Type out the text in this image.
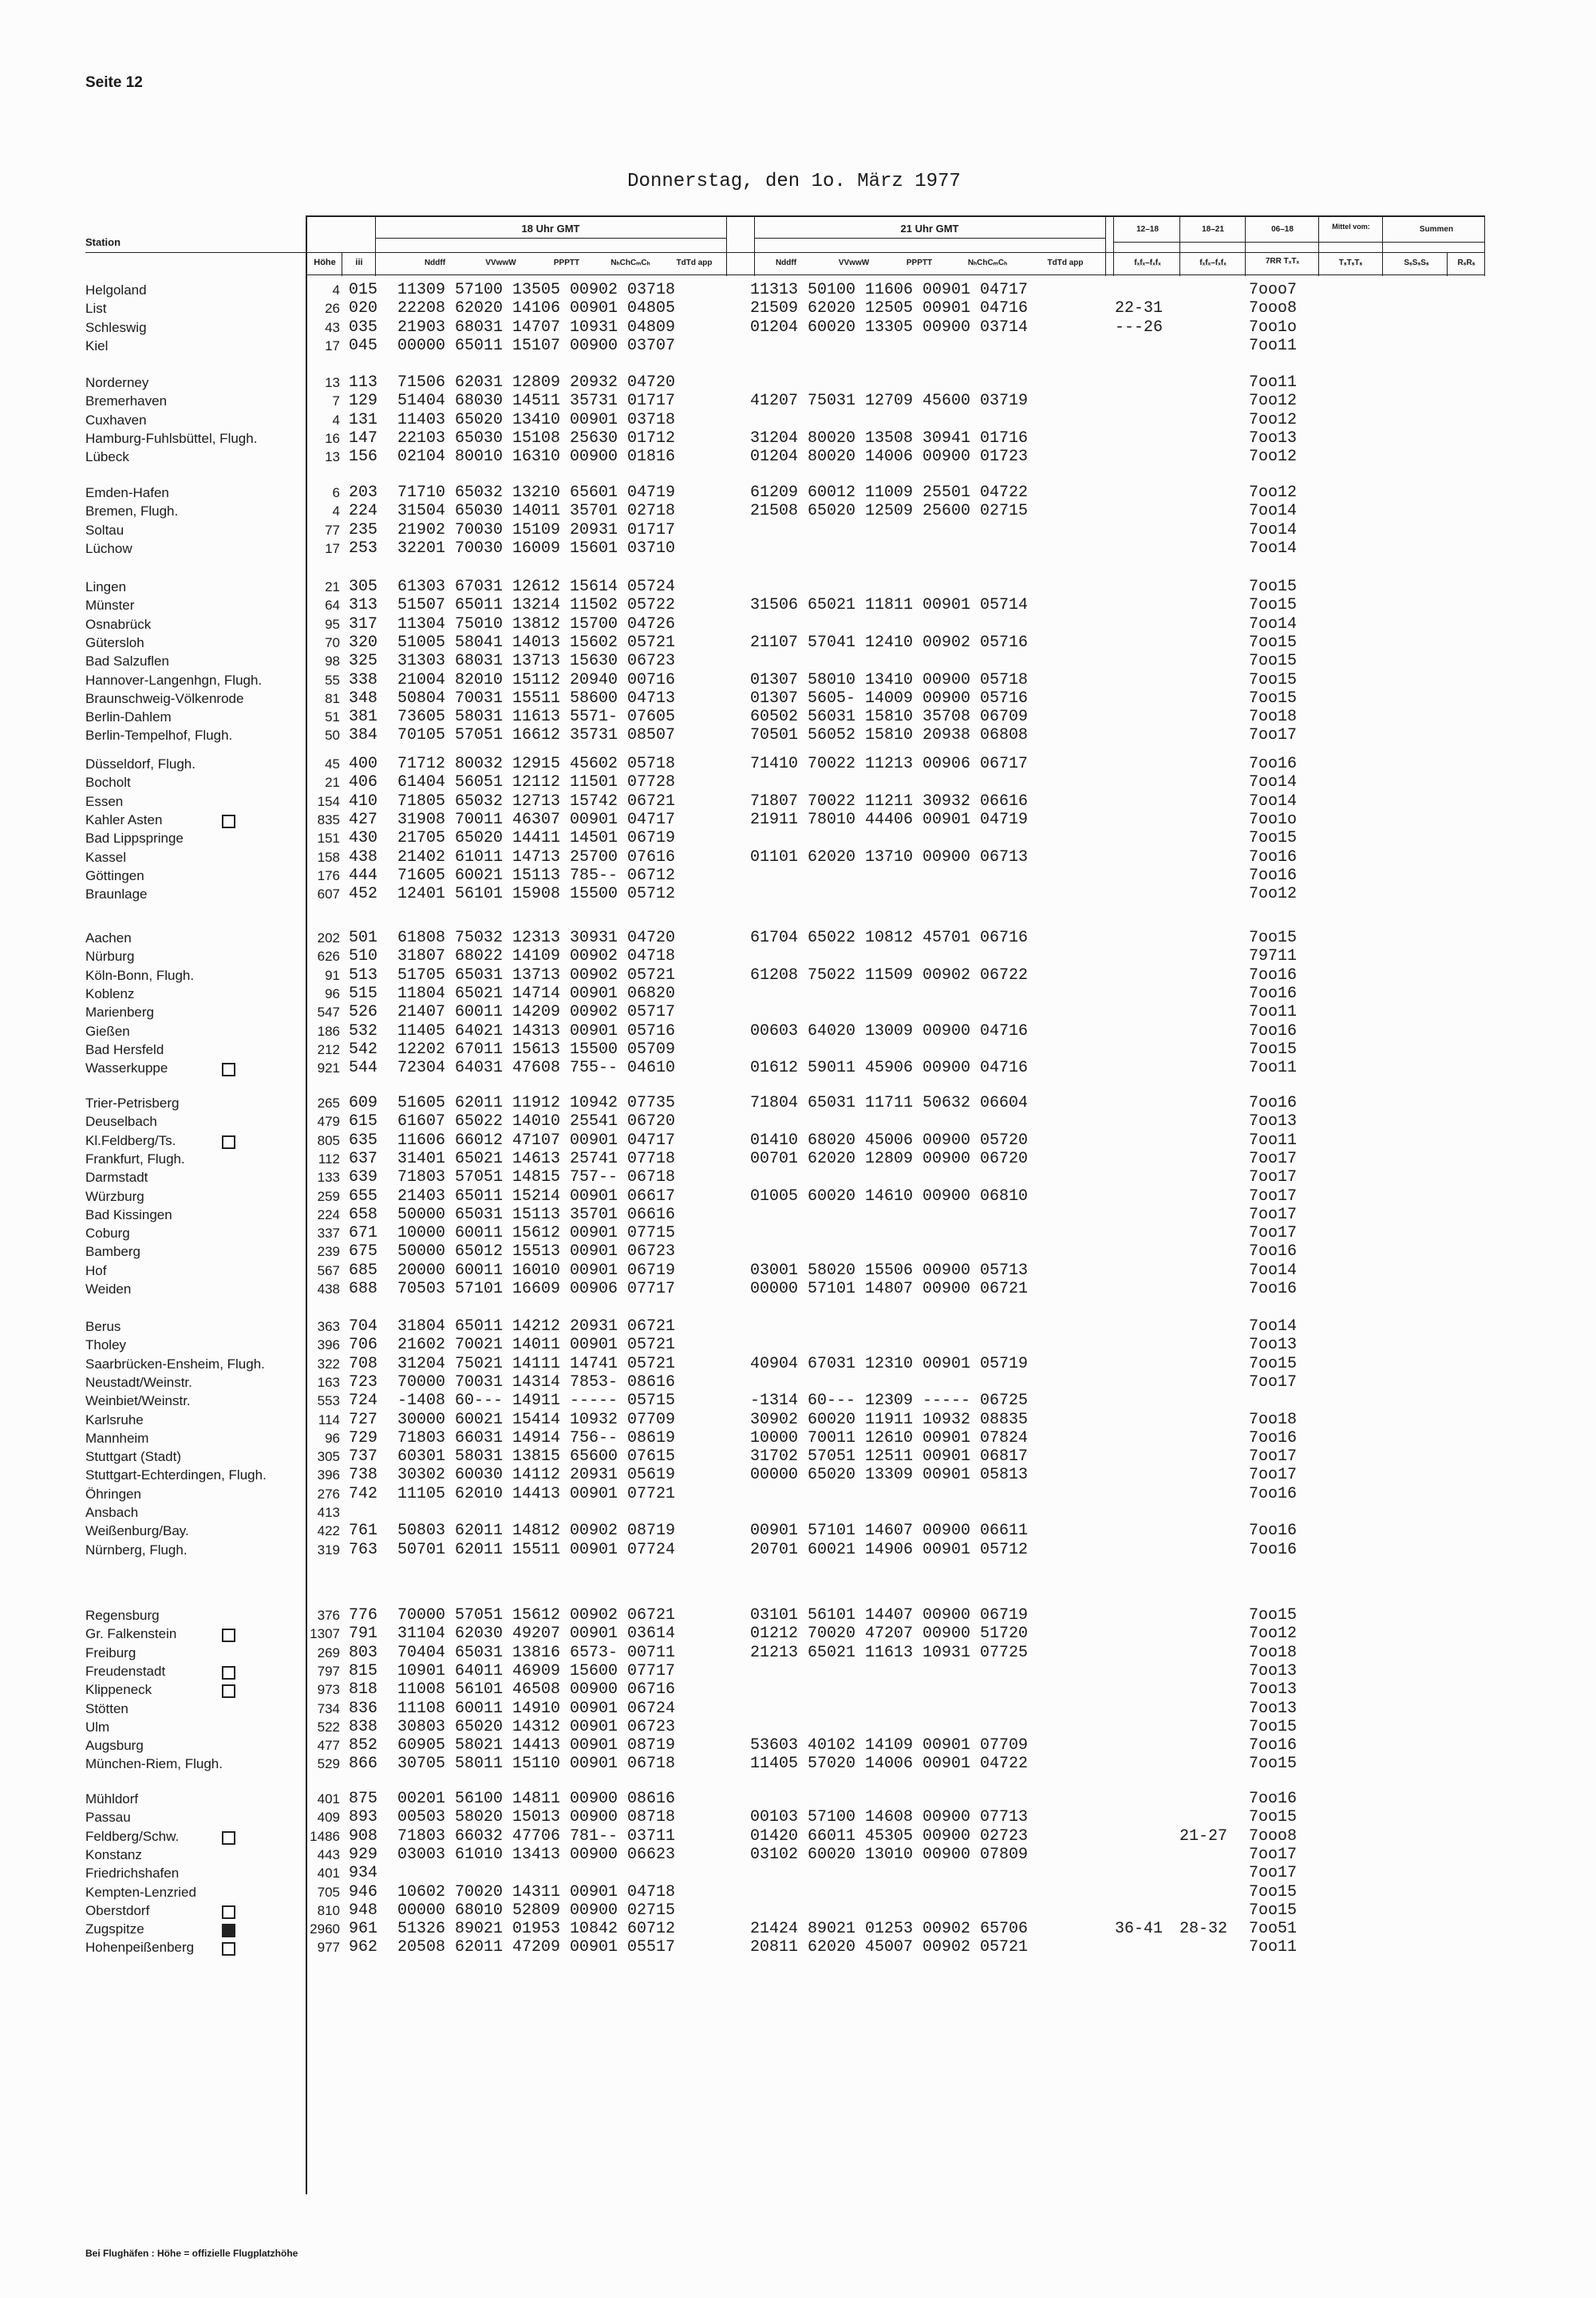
Seite 12
Donnerstag, den 1o. März 1977
Station
Höhe	iii
18 Uhr GMT	21 Uhr GMT
Nddff	VVwwW	PPPTT	NₕChCₘCₕ	TdTd app	Nddff	VVwwW	PPPTT	NₕChCₘCₕ	TdTd app
12–18	18–21	06–18	Mittel vom:	Summen
fₓfₓ–fₓfₓ	fₓfₓ–fₓfₓ	7RR TₓTₓ	TₛTₛTₛ	SₛSₛSₛ	RₛRₛ
Helgoland	4 015 11309 57100 13505 00902 03718	11313 50100 11606 00901 04717	7ooo7
List	26 020 22208 62020 14106 00901 04805	21509 62020 12505 00901 04716	22-31	7ooo8
Schleswig	43 035 21903 68031 14707 10931 04809	01204 60020 13305 00900 03714	---26	7oo1o
Kiel	17 045 00000 65011 15107 00900 03707	7oo11
Norderney	13 113 71506 62031 12809 20932 04720	7oo11
Bremerhaven	7 129 51404 68030 14511 35731 01717	41207 75031 12709 45600 03719	7oo12
Cuxhaven	4 131 11403 65020 13410 00901 03718	7oo12
Hamburg-Fuhlsbüttel, Flugh.	16 147 22103 65030 15108 25630 01712	31204 80020 13508 30941 01716	7oo13
Lübeck	13 156 02104 80010 16310 00900 01816	01204 80020 14006 00900 01723	7oo12
Emden-Hafen	6 203 71710 65032 13210 65601 04719	61209 60012 11009 25501 04722	7oo12
Bremen, Flugh.	4 224 31504 65030 14011 35701 02718	21508 65020 12509 25600 02715	7oo14
Soltau	77 235 21902 70030 15109 20931 01717	7oo14
Lüchow	17 253 32201 70030 16009 15601 03710	7oo14
Lingen	21 305 61303 67031 12612 15614 05724	7oo15
Münster	64 313 51507 65011 13214 11502 05722	31506 65021 11811 00901 05714	7oo15
Osnabrück	95 317 11304 75010 13812 15700 04726	7oo14
Gütersloh	70 320 51005 58041 14013 15602 05721	21107 57041 12410 00902 05716	7oo15
Bad Salzuflen	98 325 31303 68031 13713 15630 06723	7oo15
Hannover-Langenhgn, Flugh.	55 338 21004 82010 15112 20940 00716	01307 58010 13410 00900 05718	7oo15
Braunschweig-Völkenrode	81 348 50804 70031 15511 58600 04713	01307 5605- 14009 00900 05716	7oo15
Berlin-Dahlem	51 381 73605 58031 11613 5571- 07605	60502 56031 15810 35708 06709	7oo18
Berlin-Tempelhof, Flugh.	50 384 70105 57051 16612 35731 08507	70501 56052 15810 20938 06808	7oo17
Düsseldorf, Flugh.	45 400 71712 80032 12915 45602 05718	71410 70022 11213 00906 06717	7oo16
Bocholt	21 406 61404 56051 12112 11501 07728	7oo14
Essen	154 410 71805 65032 12713 15742 06721	71807 70022 11211 30932 06616	7oo14
Kahler Asten	835 427 31908 70011 46307 00901 04717	21911 78010 44406 00901 04719	7oo1o
Bad Lippspringe	151 430 21705 65020 14411 14501 06719	7oo15
Kassel	158 438 21402 61011 14713 25700 07616	01101 62020 13710 00900 06713	7oo16
Göttingen	176 444 71605 60021 15113 785-- 06712	7oo16
Braunlage	607 452 12401 56101 15908 15500 05712	7oo12
Aachen	202 501 61808 75032 12313 30931 04720	61704 65022 10812 45701 06716	7oo15
Nürburg	626 510 31807 68022 14109 00902 04718	79711
Köln-Bonn, Flugh.	91 513 51705 65031 13713 00902 05721	61208 75022 11509 00902 06722	7oo16
Koblenz	96 515 11804 65021 14714 00901 06820	7oo16
Marienberg	547 526 21407 60011 14209 00902 05717	7oo11
Gießen	186 532 11405 64021 14313 00901 05716	00603 64020 13009 00900 04716	7oo16
Bad Hersfeld	212 542 12202 67011 15613 15500 05709	7oo15
Wasserkuppe	921 544 72304 64031 47608 755-- 04610	01612 59011 45906 00900 04716	7oo11
Trier-Petrisberg	265 609 51605 62011 11912 10942 07735	71804 65031 11711 50632 06604	7oo16
Deuselbach	479 615 61607 65022 14010 25541 06720	7oo13
Kl.Feldberg/Ts.	805 635 11606 66012 47107 00901 04717	01410 68020 45006 00900 05720	7oo11
Frankfurt, Flugh.	112 637 31401 65021 14613 25741 07718	00701 62020 12809 00900 06720	7oo17
Darmstadt	133 639 71803 57051 14815 757-- 06718	7oo17
Würzburg	259 655 21403 65011 15214 00901 06617	01005 60020 14610 00900 06810	7oo17
Bad Kissingen	224 658 50000 65031 15113 35701 06616	7oo17
Coburg	337 671 10000 60011 15612 00901 07715	7oo17
Bamberg	239 675 50000 65012 15513 00901 06723	7oo16
Hof	567 685 20000 60011 16010 00901 06719	03001 58020 15506 00900 05713	7oo14
Weiden	438 688 70503 57101 16609 00906 07717	00000 57101 14807 00900 06721	7oo16
Berus	363 704 31804 65011 14212 20931 06721	7oo14
Tholey	396 706 21602 70021 14011 00901 05721	7oo13
Saarbrücken-Ensheim, Flugh.	322 708 31204 75021 14111 14741 05721	40904 67031 12310 00901 05719	7oo15
Neustadt/Weinstr.	163 723 70000 70031 14314 7853- 08616	7oo17
Weinbiet/Weinstr.	553 724 -1408 60--- 14911 ----- 05715	-1314 60--- 12309 ----- 06725
Karlsruhe	114 727 30000 60021 15414 10932 07709	30902 60020 11911 10932 08835	7oo18
Mannheim	96 729 71803 66031 14914 756-- 08619	10000 70011 12610 00901 07824	7oo16
Stuttgart (Stadt)	305 737 60301 58031 13815 65600 07615	31702 57051 12511 00901 06817	7oo17
Stuttgart-Echterdingen, Flugh.	396 738 30302 60030 14112 20931 05619	00000 65020 13309 00901 05813	7oo17
Öhringen	276 742 11105 62010 14413 00901 07721	7oo16
Ansbach	413
Weißenburg/Bay.	422 761 50803 62011 14812 00902 08719	00901 57101 14607 00900 06611	7oo16
Nürnberg, Flugh.	319 763 50701 62011 15511 00901 07724	20701 60021 14906 00901 05712	7oo16
Regensburg	376 776 70000 57051 15612 00902 06721	03101 56101 14407 00900 06719	7oo15
Gr. Falkenstein	1307 791 31104 62030 49207 00901 03614	01212 70020 47207 00900 51720	7oo12
Freiburg	269 803 70404 65031 13816 6573- 00711	21213 65021 11613 10931 07725	7oo18
Freudenstadt	797 815 10901 64011 46909 15600 07717	7oo13
Klippeneck	973 818 11008 56101 46508 00900 06716	7oo13
Stötten	734 836 11108 60011 14910 00901 06724	7oo13
Ulm	522 838 30803 65020 14312 00901 06723	7oo15
Augsburg	477 852 60905 58021 14413 00901 08719	53603 40102 14109 00901 07709	7oo16
München-Riem, Flugh.	529 866 30705 58011 15110 00901 06718	11405 57020 14006 00901 04722	7oo15
Mühldorf	401 875 00201 56100 14811 00900 08616	7oo16
Passau	409 893 00503 58020 15013 00900 08718	00103 57100 14608 00900 07713	7oo15
Feldberg/Schw.	1486 908 71803 66032 47706 781-- 03711	01420 66011 45305 00900 02723	21-27 7ooo8
Konstanz	443 929 03003 61010 13413 00900 06623	03102 60020 13010 00900 07809	7oo17
Friedrichshafen	401 934	7oo17
Kempten-Lenzried	705 946 10602 70020 14311 00901 04718	7oo15
Oberstdorf	810 948 00000 68010 52809 00900 02715	7oo15
Zugspitze	2960 961 51326 89021 01953 10842 60712	21424 89021 01253 00902 65706	36-41 28-32 7oo51
Hohenpeißenberg	977 962 20508 62011 47209 00901 05517	20811 62020 45007 00902 05721	7oo11
Bei Flughäfen : Höhe = offizielle Flugplatzhöhe
